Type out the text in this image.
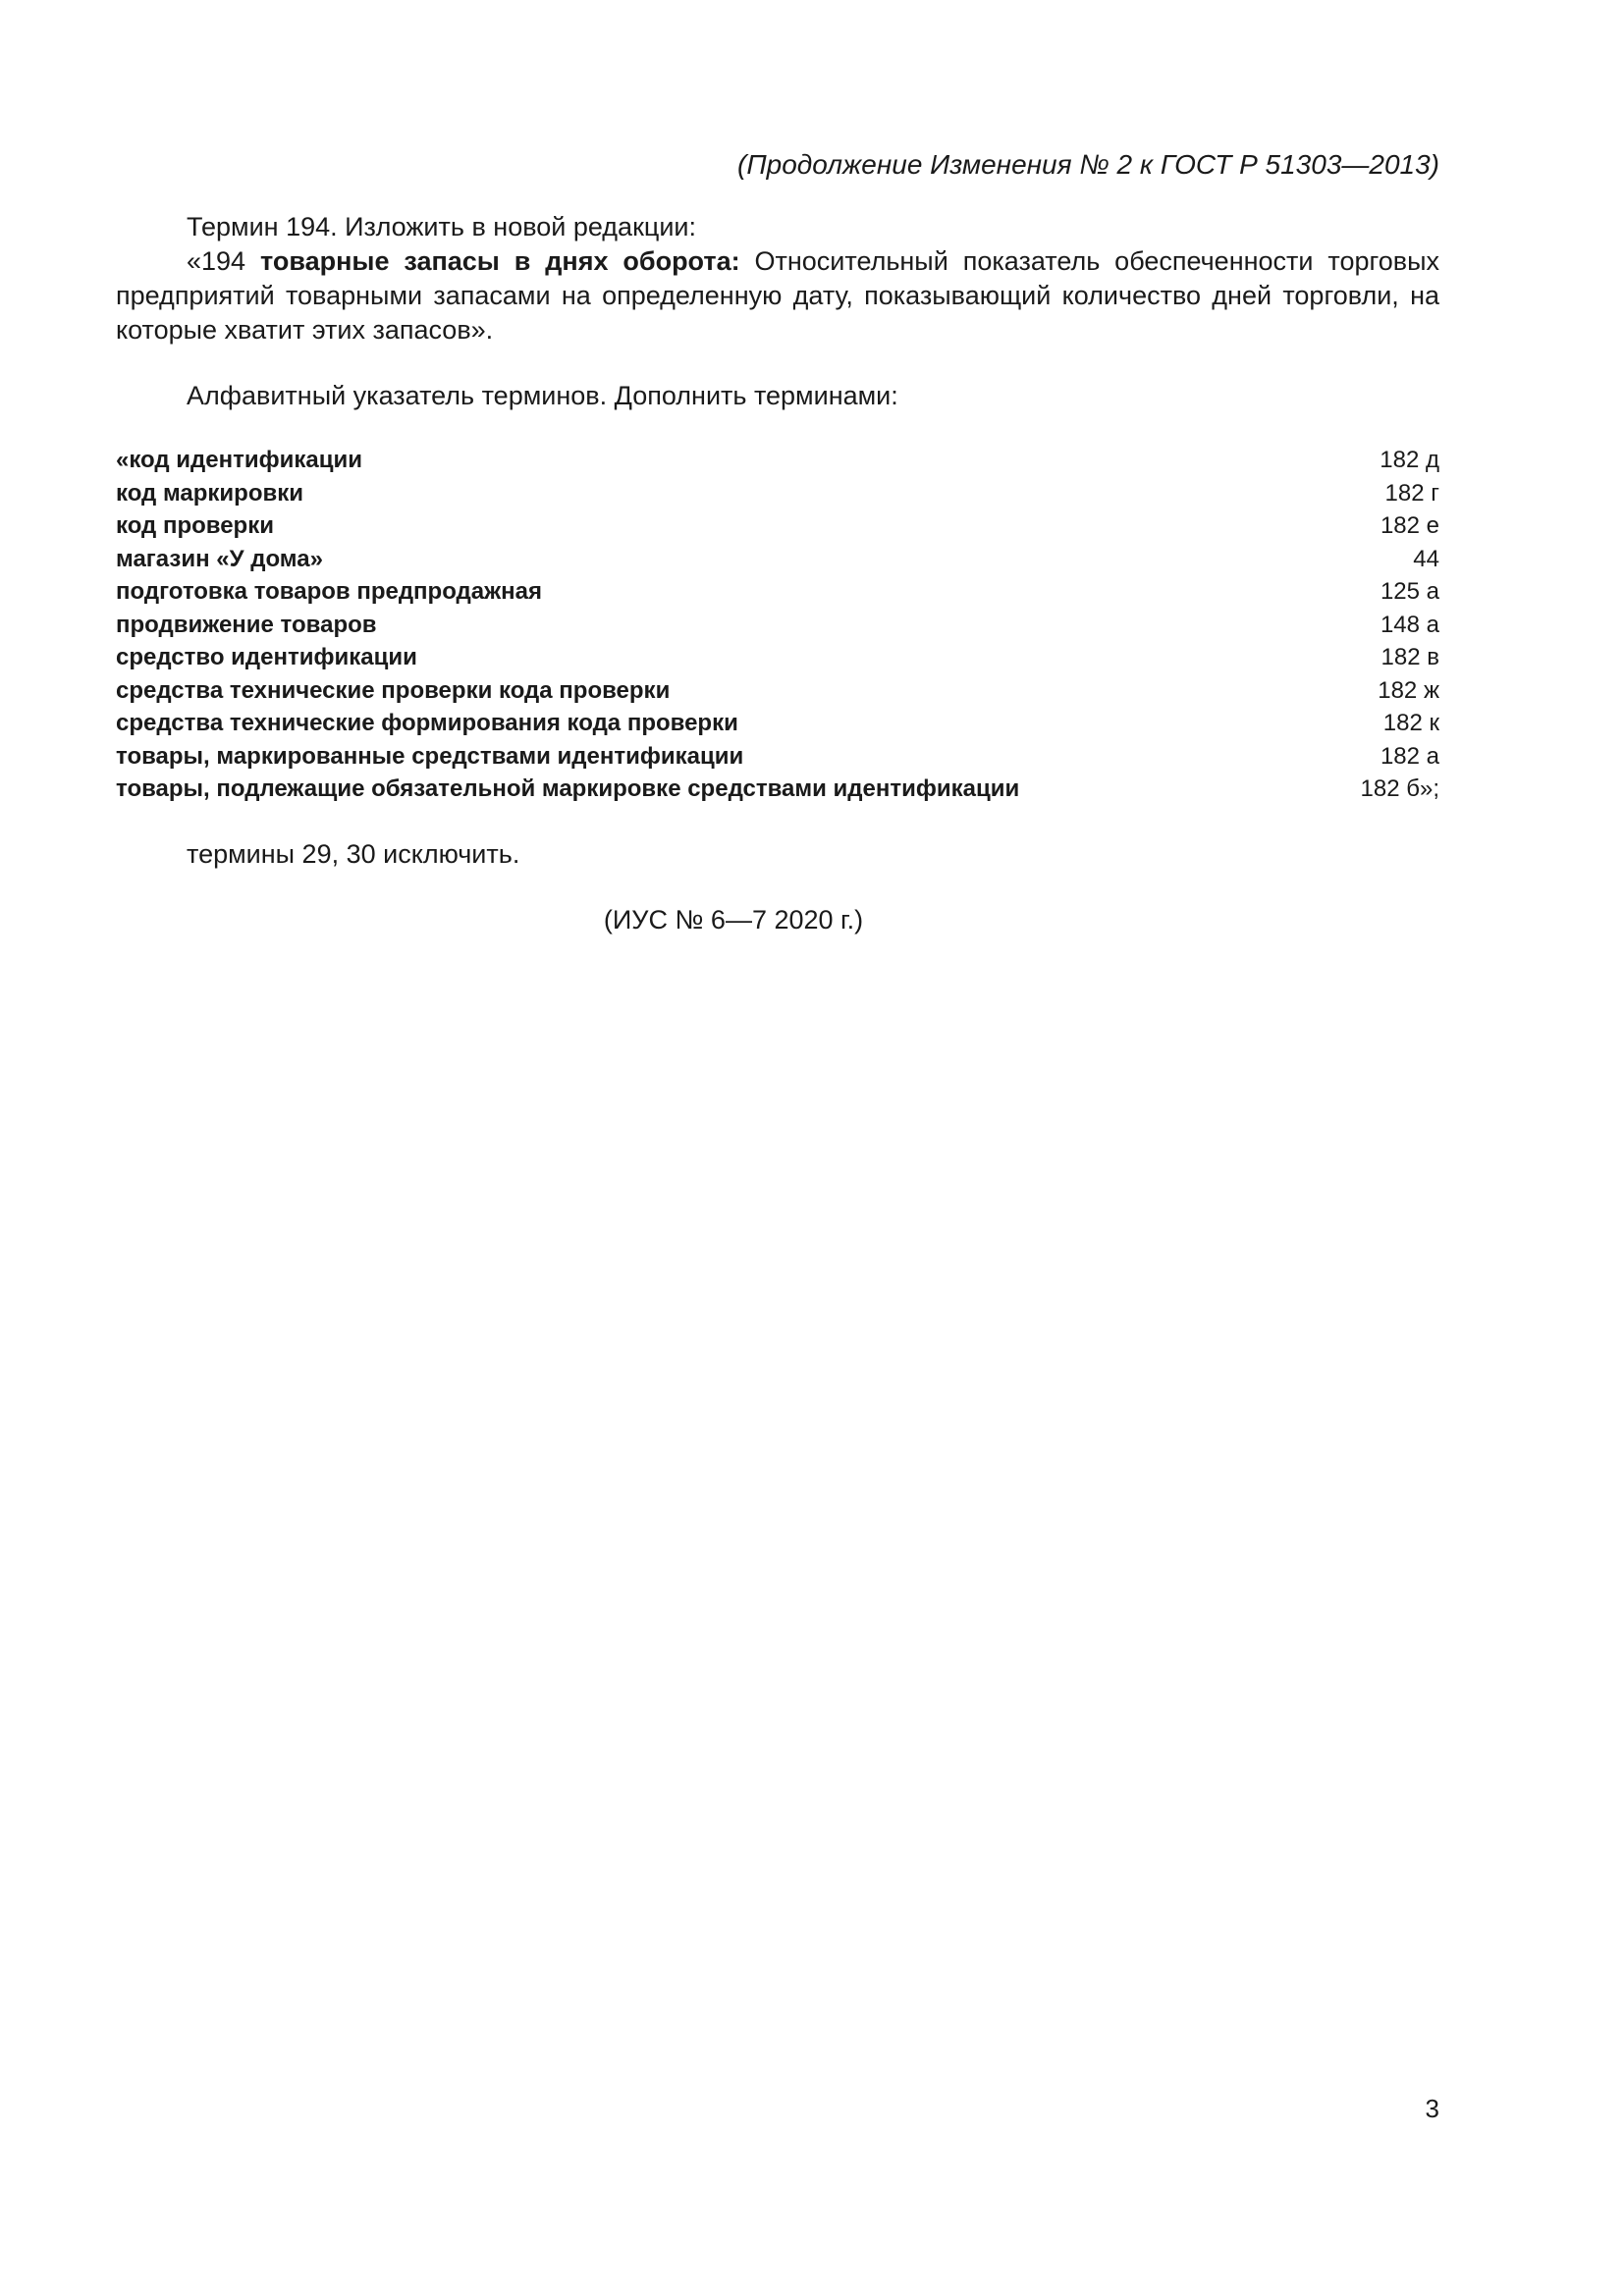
(Продолжение Изменения № 2 к ГОСТ Р 51303—2013)

Термин 194. Изложить в новой редакции:

«194 товарные запасы в днях оборота: Относительный показатель обеспеченности торговых предприятий товарными запасами на определенную дату, показывающий количество дней торговли, на которые хватит этих запасов».

Алфавитный указатель терминов. Дополнить терминами:

«код идентификации	182 д
код маркировки	182 г
код проверки	182 е
магазин «У дома»	44
подготовка товаров предпродажная	125 а
продвижение товаров	148 а
средство идентификации	182 в
средства технические проверки кода проверки	182 ж
средства технические формирования кода проверки	182 к
товары, маркированные средствами идентификации	182 а
товары, подлежащие обязательной маркировке средствами идентификации	182 б»;

термины 29, 30 исключить.

(ИУС № 6—7 2020 г.)
3
